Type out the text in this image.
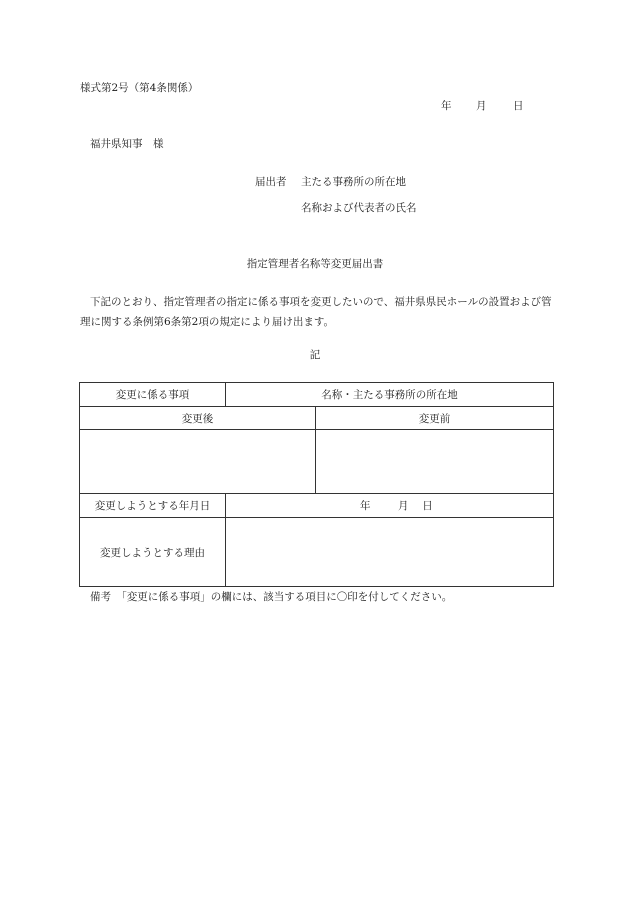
様式第2号（第4条関係）
年 月	日
福井県知事　様
届出者 主たる事務所の所在地
名称および代表者の氏名
指定管理者名称等変更届出書
下記のとおり、指定管理者の指定に係る事項を変更したいので、福井県県民ホールの設置および管理に関する条例第6条第2項の規定により届け出ます。
記
変更に係る事項	名称・主たる事務所の所在地	
変更後		変更前

変更しようとする年月日	年 月 日	
変更しようとする理由		
備考　「変更に係る事項」の欄には、該当する項目に〇印を付してください。
